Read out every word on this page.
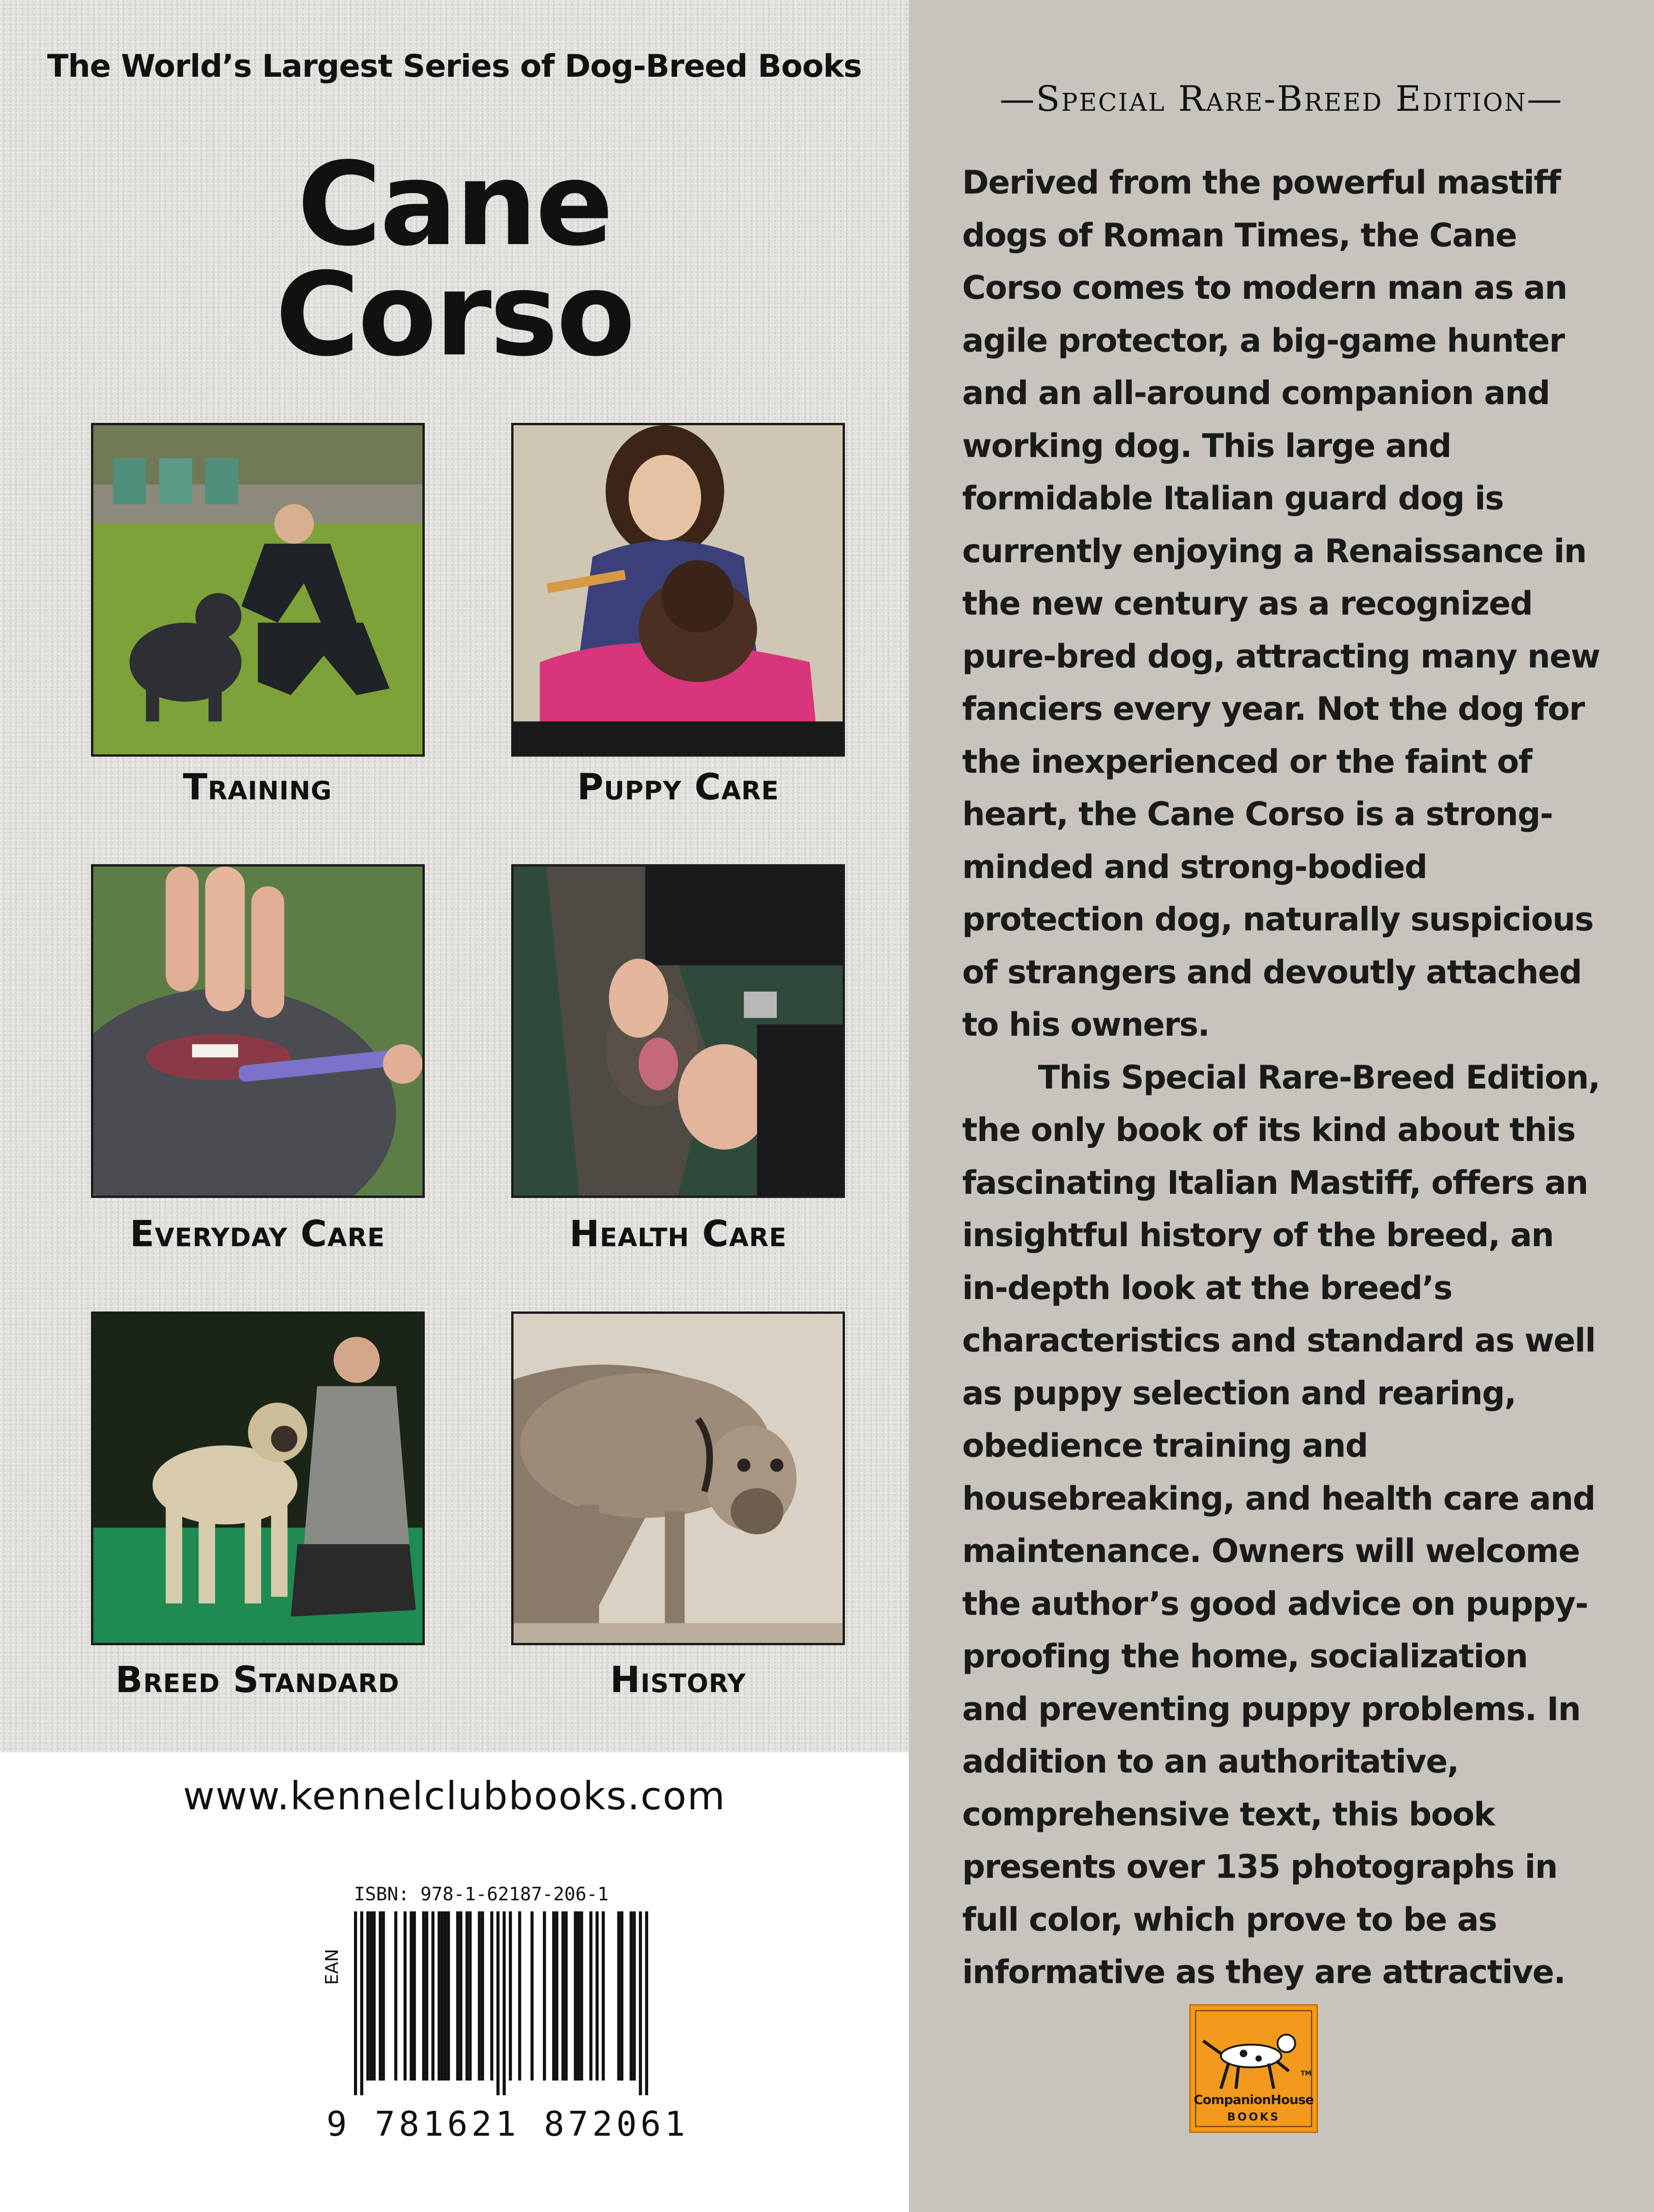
The World’s Largest Series of Dog-Breed Books
Cane
Corso
Training	Puppy Care
Everyday Care	Health Care
Breed Standard	History
www.kennelclubbooks.com
ISBN: 978-1-62187-206-1
EAN
9 781621 872061
—Special Rare-Breed Edition—

Derived from the powerful mastiff dogs of Roman Times, the Cane Corso comes to modern man as an agile protector, a big-game hunter and an all-around companion and working dog. This large and formidable Italian guard dog is currently enjoying a Renaissance in the new century as a recognized pure-bred dog, attracting many new fanciers every year. Not the dog for the inexperienced or the faint of heart, the Cane Corso is a strong-minded and strong-bodied protection dog, naturally suspicious of strangers and devoutly attached to his owners.

This Special Rare-Breed Edition, the only book of its kind about this fascinating Italian Mastiff, offers an insightful history of the breed, an in-depth look at the breed’s characteristics and standard as well as puppy selection and rearing, obedience training and housebreaking, and health care and maintenance. Owners will welcome the author’s good advice on puppy-proofing the home, socialization and preventing puppy problems. In addition to an authoritative, comprehensive text, this book presents over 135 photographs in full color, which prove to be as informative as they are attractive.

CompanionHouse
BOOKS
TM
